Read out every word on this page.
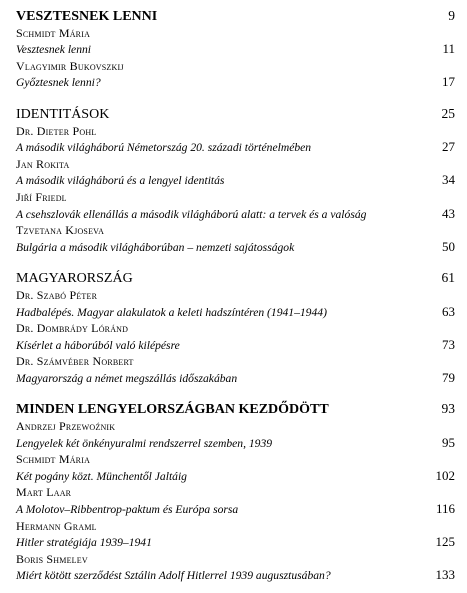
VESZTESNEK LENNI	9
Schmidt Mária
Vesztesnek lenni	11
Vlagyimir Bukovszkij
Győztesnek lenni?	17
IDENTITÁSOK	25
Dr. Dieter Pohl
A második világháború Németország 20. századi történelmében	27
Jan Rokita
A második világháború és a lengyel identitás	34
Jiří Friedl
A csehszlovák ellenállás a második világháború alatt: a tervek és a valóság	43
Tzvetana Kjoseva
Bulgária a második világháborúban – nemzeti sajátosságok	50
MAGYARORSZÁG	61
Dr. Szabó Péter
Hadbalépés. Magyar alakulatok a keleti hadszíntéren (1941–1944)	63
Dr. Dombrády Lóránd
Kísérlet a háborúból való kilépésre	73
Dr. Számvéber Norbert
Magyarország a német megszállás időszakában	79
MINDEN LENGYELORSZÁGBAN KEZDŐDÖTT	93
Andrzej Przewoźnik
Lengyelek két önkényuralmi rendszerrel szemben, 1939	95
Schmidt Mária
Két pogány közt. Münchentől Jaltáig	102
Mart Laar
A Molotov–Ribbentrop-paktum és Európa sorsa	116
Hermann Graml
Hitler stratégiája 1939–1941	125
Boris Shmelev
Miért kötött szerződést Sztálin Adolf Hitlerrel 1939 augusztusában?	133
